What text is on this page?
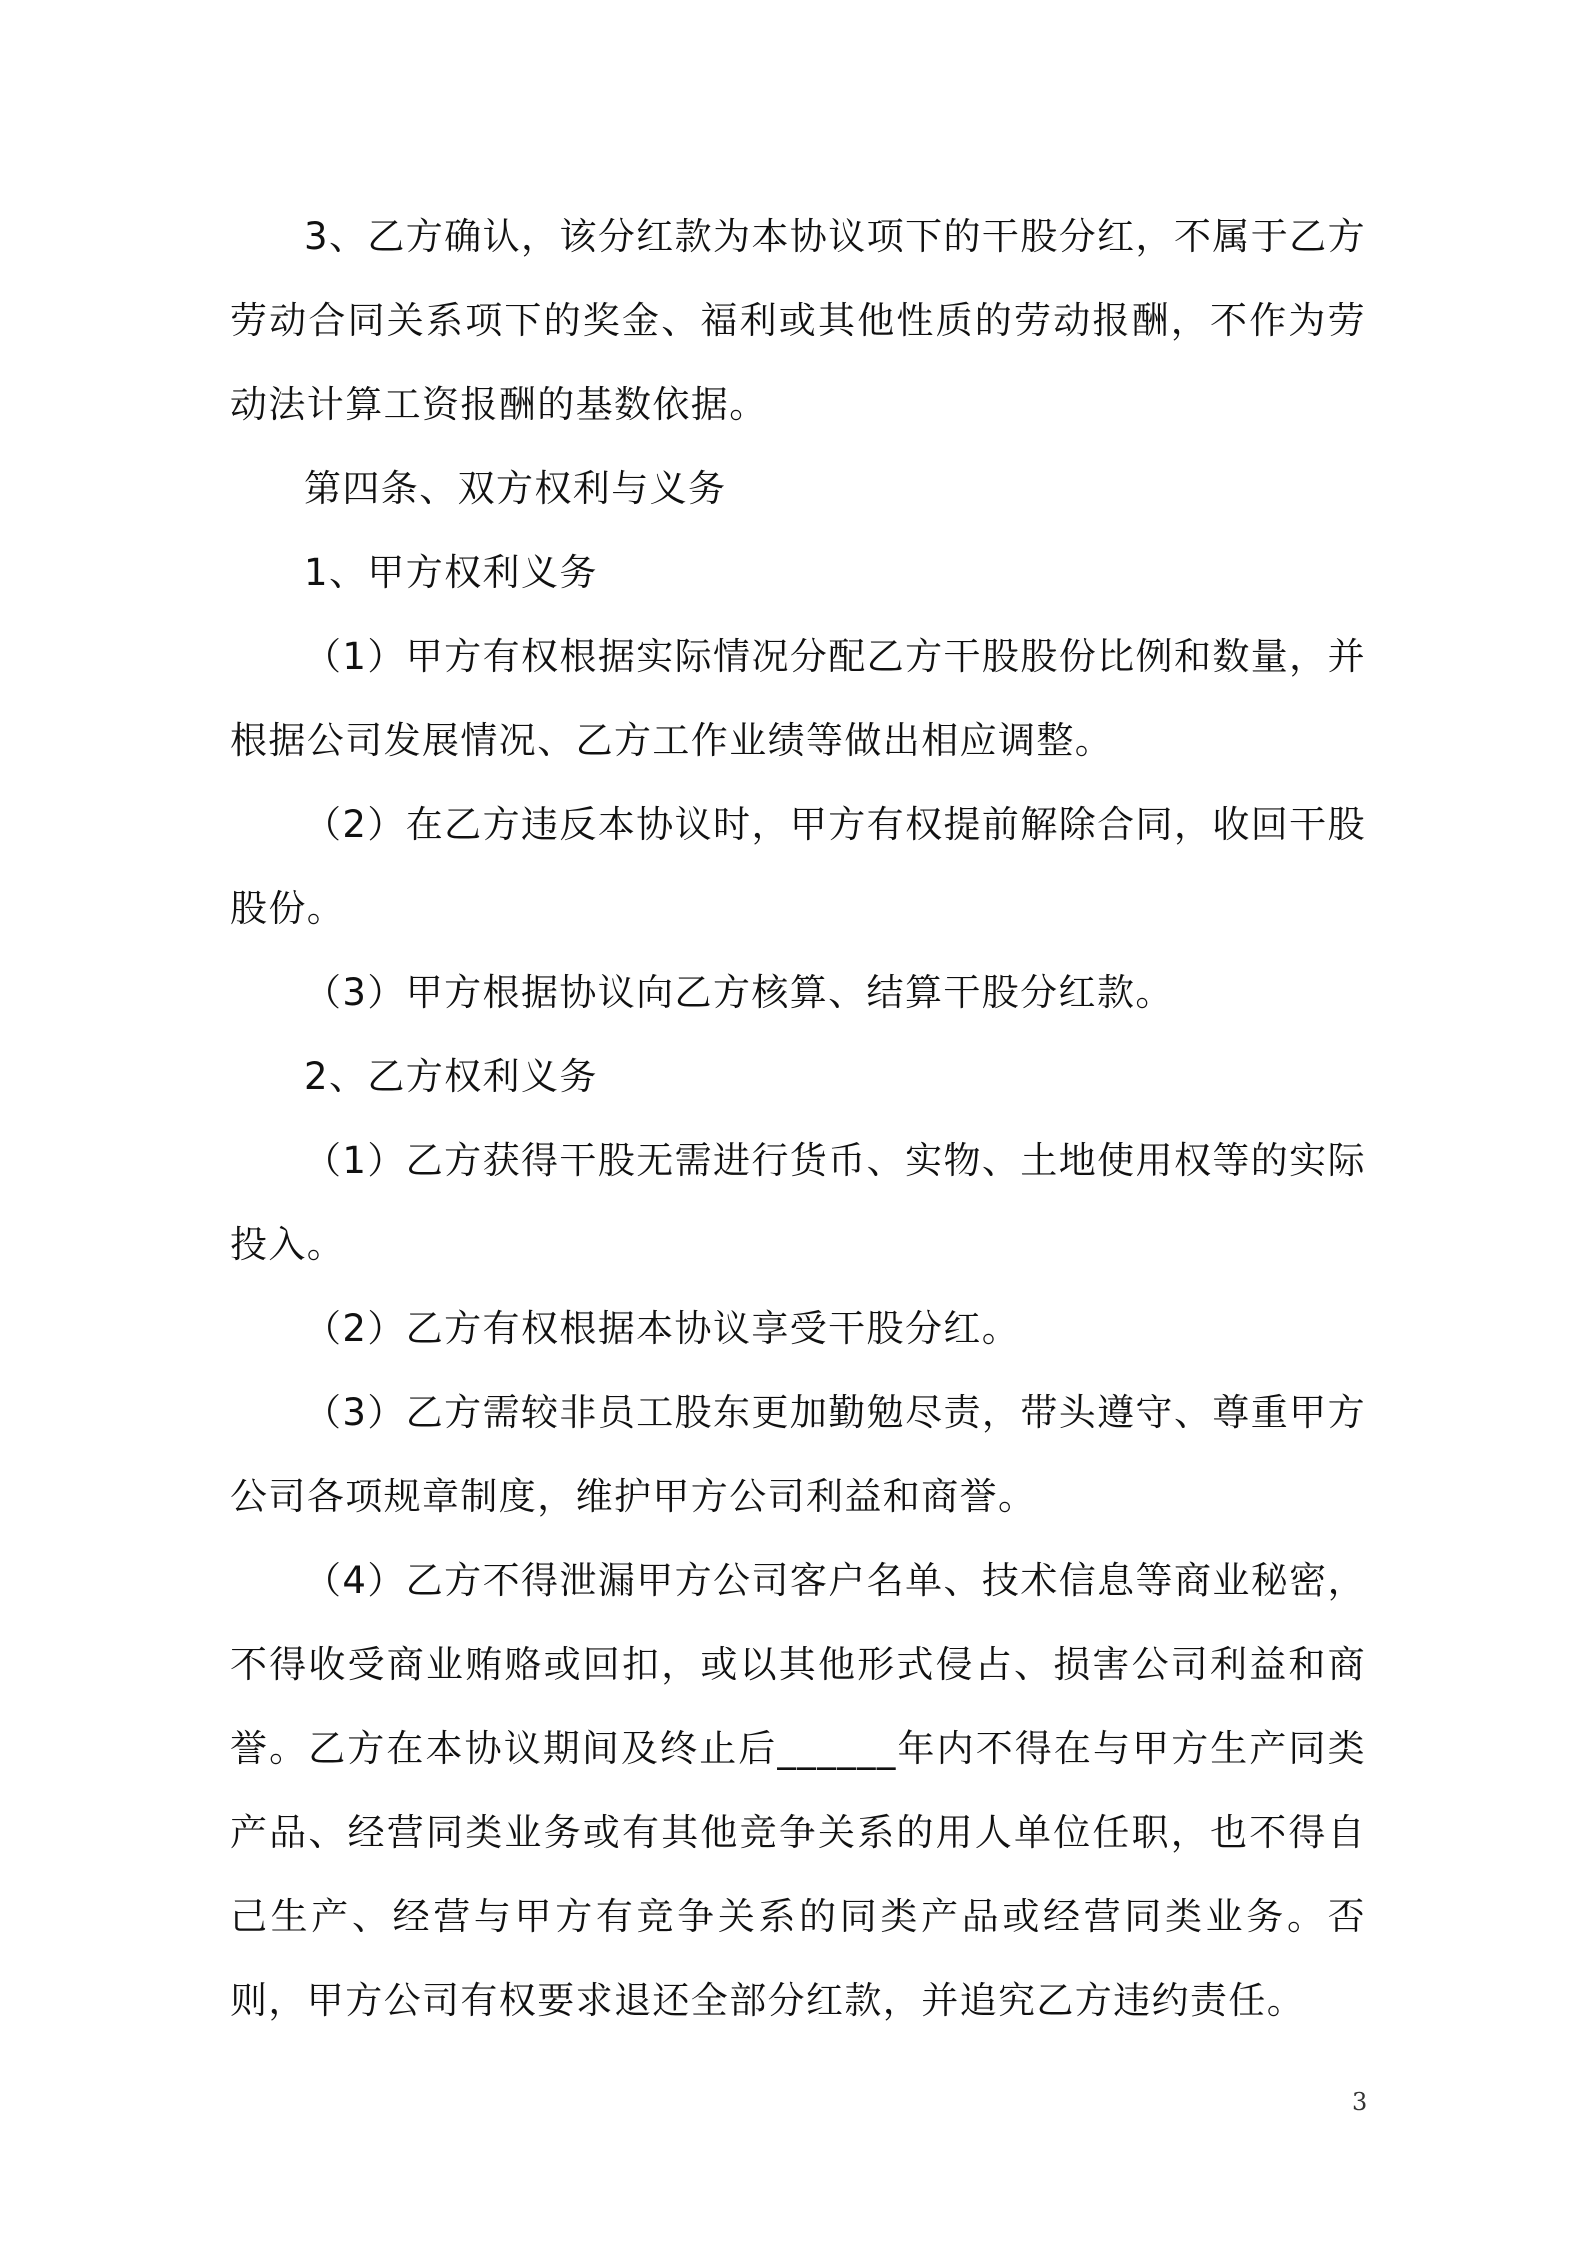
3、乙方确认，该分红款为本协议项下的干股分红，不属于乙方劳动合同关系项下的奖金、福利或其他性质的劳动报酬，不作为劳动法计算工资报酬的基数依据。

第四条、双方权利与义务

1、甲方权利义务

（1）甲方有权根据实际情况分配乙方干股股份比例和数量，并根据公司发展情况、乙方工作业绩等做出相应调整。

（2）在乙方违反本协议时，甲方有权提前解除合同，收回干股股份。

（3）甲方根据协议向乙方核算、结算干股分红款。

2、乙方权利义务

（1）乙方获得干股无需进行货币、实物、土地使用权等的实际投入。

（2）乙方有权根据本协议享受干股分红。

（3）乙方需较非员工股东更加勤勉尽责，带头遵守、尊重甲方公司各项规章制度，维护甲方公司利益和商誉。

（4）乙方不得泄漏甲方公司客户名单、技术信息等商业秘密，不得收受商业贿赂或回扣，或以其他形式侵占、损害公司利益和商誉。乙方在本协议期间及终止后______年内不得在与甲方生产同类产品、经营同类业务或有其他竞争关系的用人单位任职，也不得自己生产、经营与甲方有竞争关系的同类产品或经营同类业务。否则，甲方公司有权要求退还全部分红款，并追究乙方违约责任。

3
